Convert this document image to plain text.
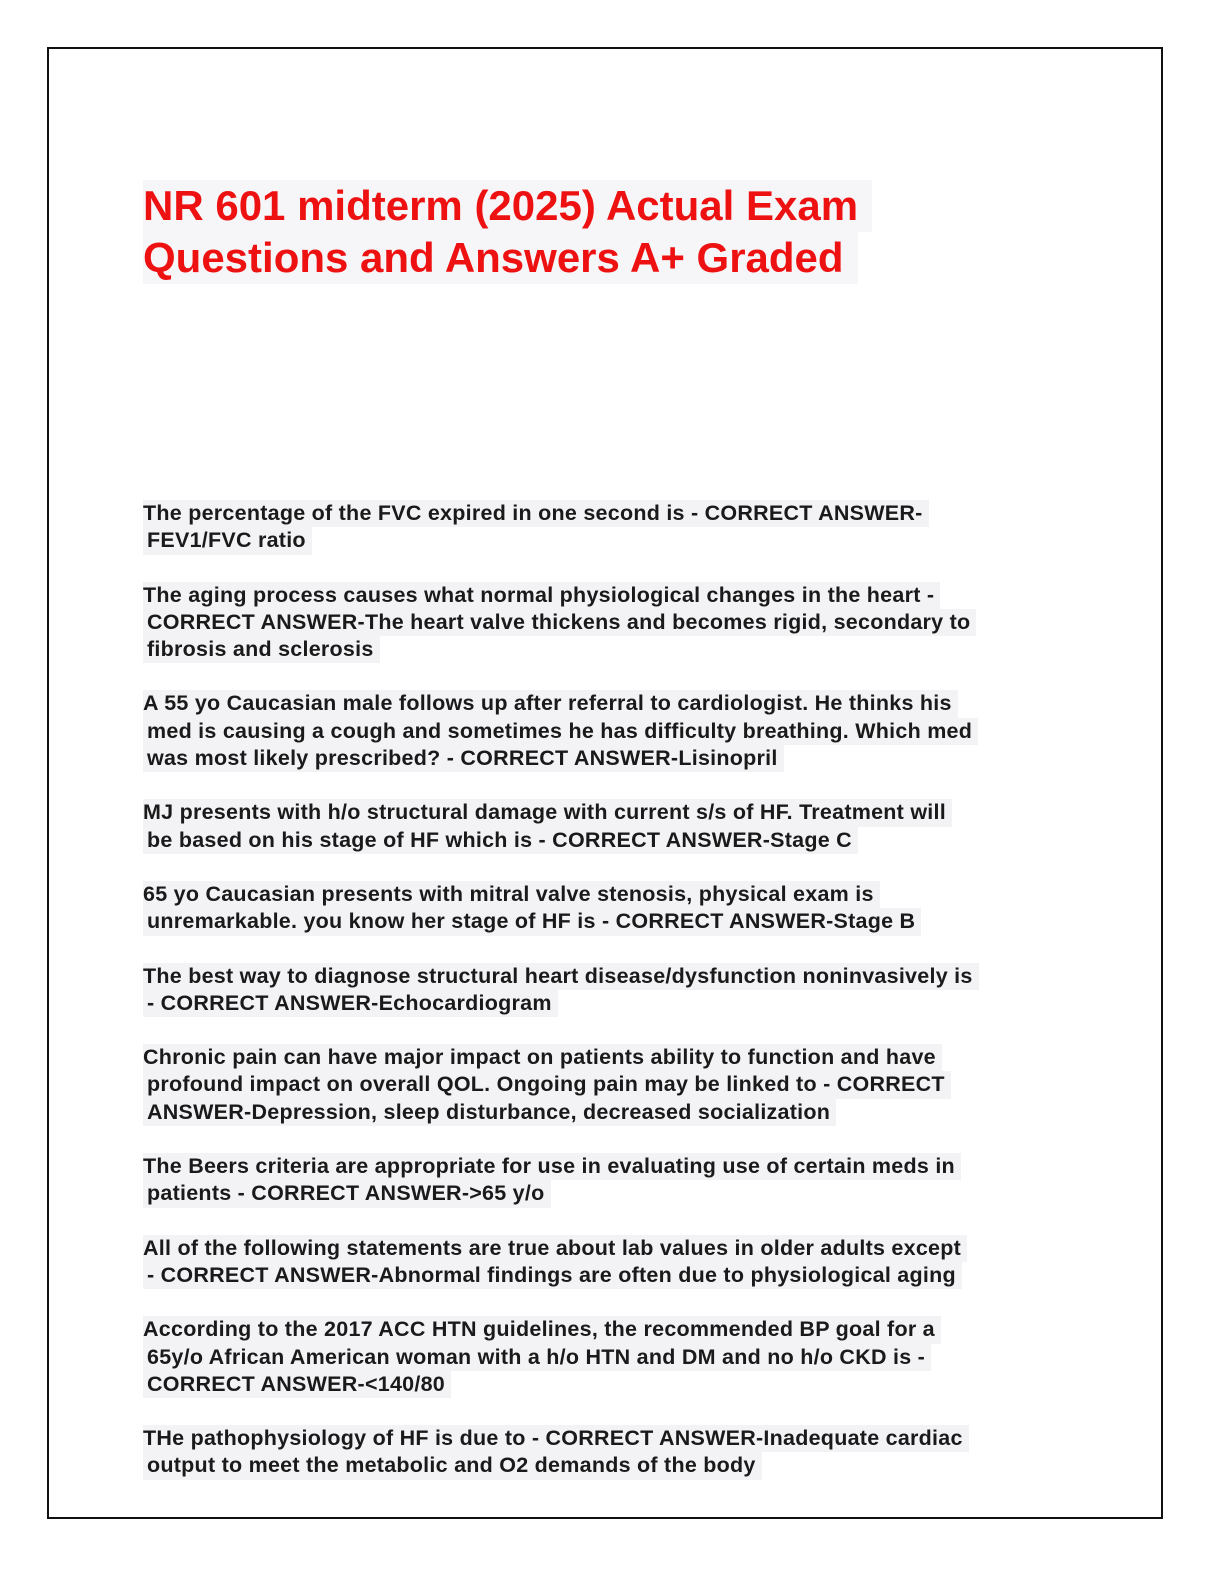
NR 601 midterm (2025) Actual Exam
Questions and Answers A+ Graded
The percentage of the FVC expired in one second is - CORRECT ANSWER-
FEV1/FVC ratio
The aging process causes what normal physiological changes in the heart -
CORRECT ANSWER-The heart valve thickens and becomes rigid, secondary to
fibrosis and sclerosis
A 55 yo Caucasian male follows up after referral to cardiologist. He thinks his
med is causing a cough and sometimes he has difficulty breathing. Which med
was most likely prescribed? - CORRECT ANSWER-Lisinopril
MJ presents with h/o structural damage with current s/s of HF. Treatment will
be based on his stage of HF which is - CORRECT ANSWER-Stage C
65 yo Caucasian presents with mitral valve stenosis, physical exam is
unremarkable. you know her stage of HF is - CORRECT ANSWER-Stage B
The best way to diagnose structural heart disease/dysfunction noninvasively is
- CORRECT ANSWER-Echocardiogram
Chronic pain can have major impact on patients ability to function and have
profound impact on overall QOL. Ongoing pain may be linked to - CORRECT
ANSWER-Depression, sleep disturbance, decreased socialization
The Beers criteria are appropriate for use in evaluating use of certain meds in
patients - CORRECT ANSWER->65 y/o
All of the following statements are true about lab values in older adults except
- CORRECT ANSWER-Abnormal findings are often due to physiological aging
According to the 2017 ACC HTN guidelines, the recommended BP goal for a
65y/o African American woman with a h/o HTN and DM and no h/o CKD is -
CORRECT ANSWER-<140/80
THe pathophysiology of HF is due to - CORRECT ANSWER-Inadequate cardiac
output to meet the metabolic and O2 demands of the body
